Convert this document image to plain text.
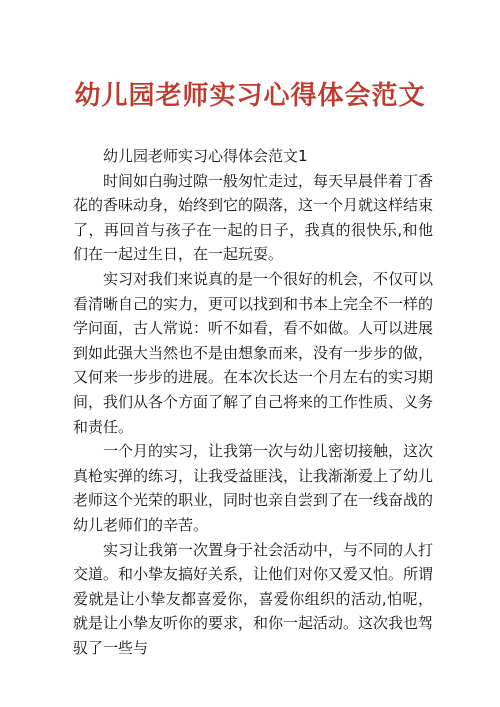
幼儿园老师实习心得体会范文

幼儿园老师实习心得体会范文1

时间如白驹过隙一般匆忙走过，每天早晨伴着丁香花的香味动身，始终到它的陨落，这一个月就这样结束了，再回首与孩子在一起的日子，我真的很快乐,和他们在一起过生日，在一起玩耍。

实习对我们来说真的是一个很好的机会，不仅可以看清晰自己的实力，更可以找到和书本上完全不一样的学问面，古人常说：听不如看，看不如做。人可以进展到如此强大当然也不是由想象而来，没有一步步的做，又何来一步步的进展。在本次长达一个月左右的实习期间，我们从各个方面了解了自己将来的工作性质、义务和责任。

一个月的实习，让我第一次与幼儿密切接触，这次真枪实弹的练习，让我受益匪浅，让我渐渐爱上了幼儿老师这个光荣的职业，同时也亲自尝到了在一线奋战的幼儿老师们的辛苦。

实习让我第一次置身于社会活动中，与不同的人打交道。和小挚友搞好关系，让他们对你又爱又怕。所谓爱就是让小挚友都喜爱你，喜爱你组织的活动,怕呢，就是让小挚友听你的要求，和你一起活动。这次我也驾驭了一些与
